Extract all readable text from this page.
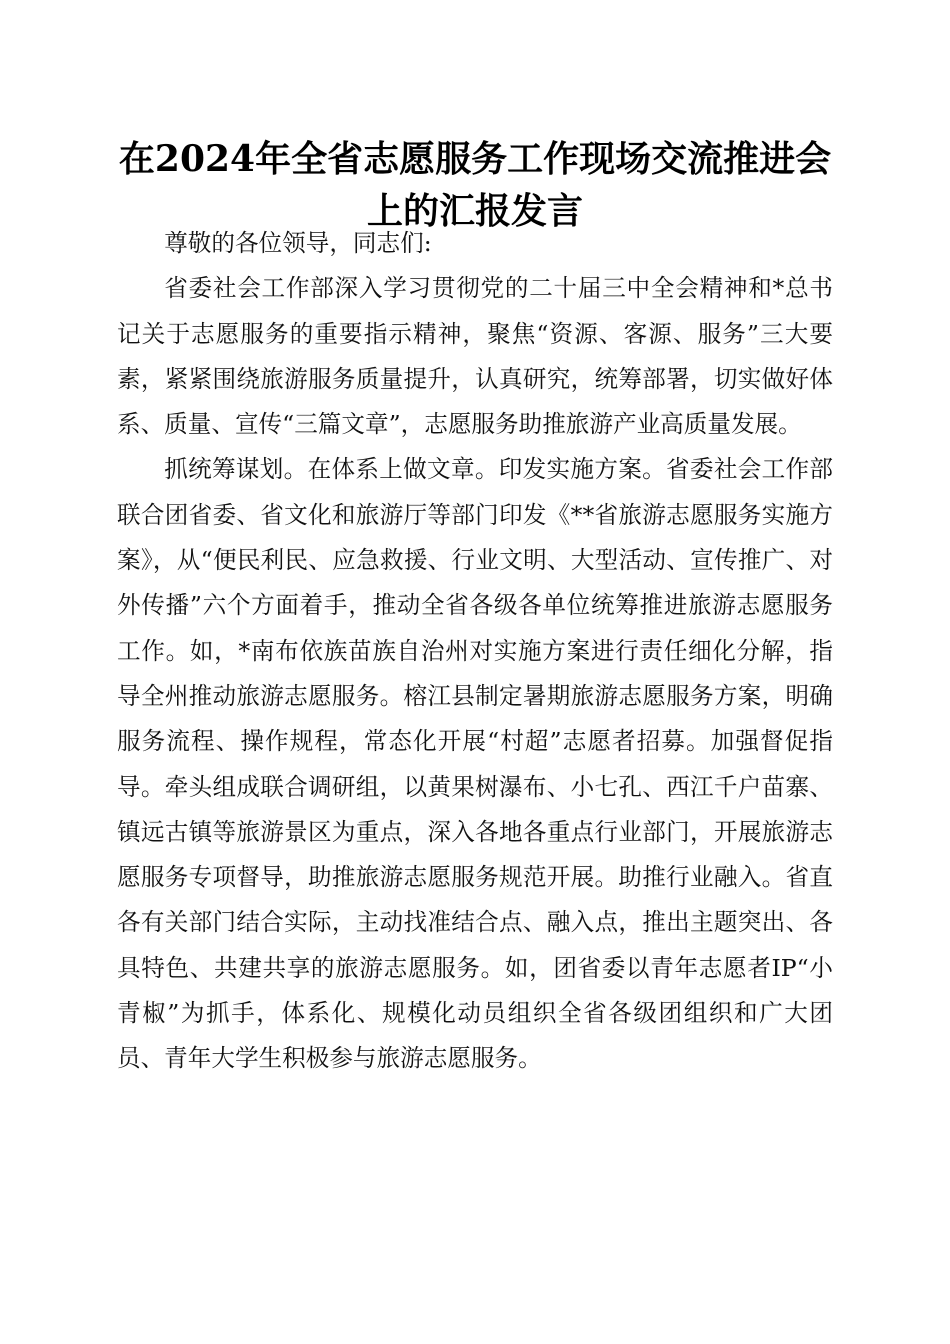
在2024年全省志愿服务工作现场交流推进会上的汇报发言

尊敬的各位领导，同志们:

省委社会工作部深入学习贯彻党的二十届三中全会精神和*总书记关于志愿服务的重要指示精神，聚焦“资源、客源、服务”三大要素，紧紧围绕旅游服务质量提升，认真研究，统筹部署，切实做好体系、质量、宣传“三篇文章”，志愿服务助推旅游产业高质量发展。

抓统筹谋划。在体系上做文章。印发实施方案。省委社会工作部联合团省委、省文化和旅游厅等部门印发《**省旅游志愿服务实施方案》，从“便民利民、应急救援、行业文明、大型活动、宣传推广、对外传播”六个方面着手，推动全省各级各单位统筹推进旅游志愿服务工作。如，*南布依族苗族自治州对实施方案进行责任细化分解，指导全州推动旅游志愿服务。榕江县制定暑期旅游志愿服务方案，明确服务流程、操作规程，常态化开展“村超”志愿者招募。加强督促指导。牵头组成联合调研组，以黄果树瀑布、小七孔、西江千户苗寨、镇远古镇等旅游景区为重点，深入各地各重点行业部门，开展旅游志愿服务专项督导，助推旅游志愿服务规范开展。助推行业融入。省直各有关部门结合实际，主动找准结合点、融入点，推出主题突出、各具特色、共建共享的旅游志愿服务。如，团省委以青年志愿者IP“小青椒”为抓手，体系化、规模化动员组织全省各级团组织和广大团员、青年大学生积极参与旅游志愿服务。
